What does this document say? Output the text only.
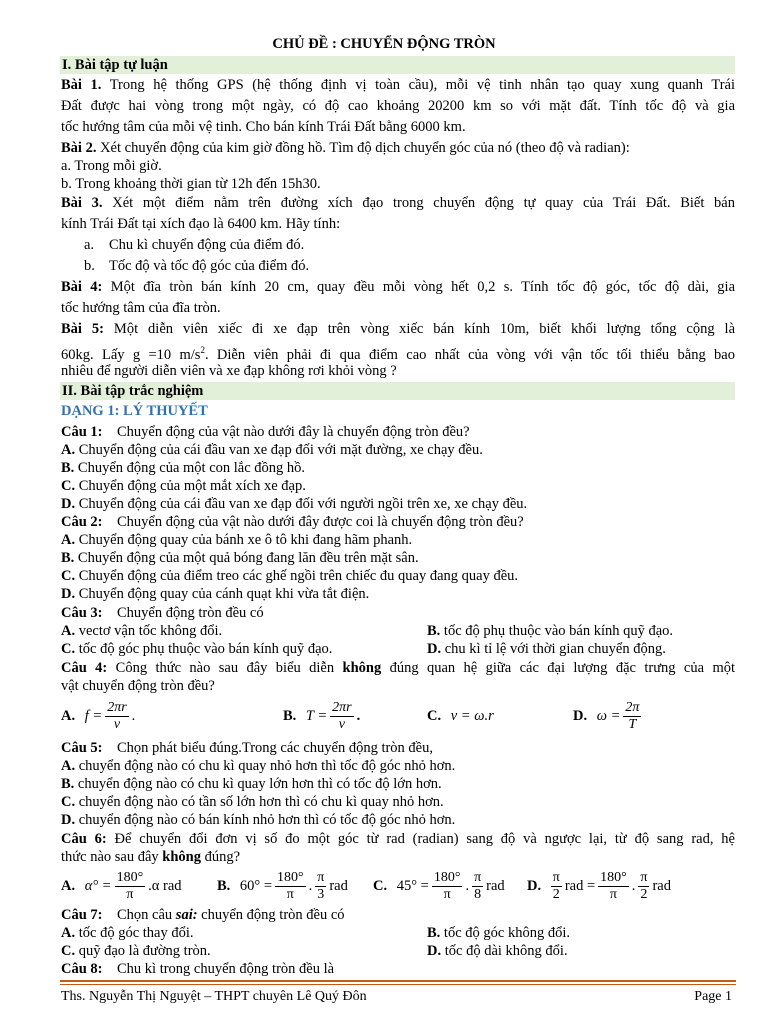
CHỦ ĐỀ : CHUYỂN ĐỘNG TRÒN
I. Bài tập tự luận
Bài 1. Trong hệ thống GPS (hệ thống định vị toàn cầu), mỗi vệ tinh nhân tạo quay xung quanh Trái
Đất được hai vòng trong một ngày, có độ cao khoảng 20200 km so với mặt đất. Tính tốc độ và gia
tốc hướng tâm của mỗi vệ tinh. Cho bán kính Trái Đất bằng 6000 km.
Bài 2. Xét chuyển động của kim giờ đồng hồ. Tìm độ dịch chuyển góc của nó (theo độ và radian):
a. Trong mỗi giờ.
b. Trong khoảng thời gian từ 12h đến 15h30.
Bài 3. Xét một điểm nằm trên đường xích đạo trong chuyển động tự quay của Trái Đất. Biết bán
kính Trái Đất tại xích đạo là 6400 km. Hãy tính:
a.	Chu kì chuyển động của điểm đó.
b. Tốc độ và tốc độ góc của điểm đó.
Bài 4: Một đĩa tròn bán kính 20 cm, quay đều mỗi vòng hết 0,2 s. Tính tốc độ góc, tốc độ dài, gia
tốc hướng tâm của đĩa tròn.
Bài 5: Một diễn viên xiếc đi xe đạp trên vòng xiếc bán kính 10m, biết khối lượng tổng cộng là
60kg. Lấy g =10 $m/s^2$. Diễn viên phải đi qua điểm cao nhất của vòng với vận tốc tối thiểu bằng bao
nhiêu để người diễn viên và xe đạp không rơi khỏi vòng ?
II. Bài tập trắc nghiệm
DẠNG 1: LÝ THUYẾT
Câu 1: Chuyển động của vật nào dưới đây là chuyển động tròn đều?
A. Chuyển động của cái đầu van xe đạp đối với mặt đường, xe chạy đều.
B. Chuyển động của một con lắc đồng hồ.
C. Chuyển động của một mắt xích xe đạp.
D. Chuyển động của cái đầu van xe đạp đối với người ngồi trên xe, xe chạy đều.
Câu 2: Chuyển động của vật nào dưới đây được coi là chuyển động tròn đều?
A. Chuyển động quay của bánh xe ô tô khi đang hãm phanh.
B. Chuyển động của một quả bóng đang lăn đều trên mặt sân.
C. Chuyển động của điểm treo các ghế ngồi trên chiếc đu quay đang quay đều.
D. Chuyển động quay của cánh quạt khi vừa tắt điện.
Câu 3: Chuyển động tròn đều có
A. vectơ vận tốc không đổi.	B. tốc độ phụ thuộc vào bán kính quỹ đạo.
C. tốc độ góc phụ thuộc vào bán kính quỹ đạo.	D. chu kì tỉ lệ với thời gian chuyển động.
Câu 4: Công thức nào sau đây biểu diễn không đúng quan hệ giữa các đại lượng đặc trưng của một
vật chuyển động tròn đều?
A.
$f = \frac{2\pi r}{v}$ .	B.
$T = \frac{2\pi r}{v}$ .	C.
v = ω.r	D.
$\omega = \frac{2\pi}{T}$
Câu 5: Chọn phát biểu đúng.Trong các chuyển động tròn đều,
A. chuyển động nào có chu kì quay nhỏ hơn thì tốc độ góc nhỏ hơn.
B. chuyển động nào có chu kì quay lớn hơn thì có tốc độ lớn hơn.
C. chuyển động nào có tần số lớn hơn thì có chu kì quay nhỏ hơn.
D. chuyển động nào có bán kính nhỏ hơn thì có tốc độ góc nhỏ hơn.
Câu 6: Để chuyển đổi đơn vị số đo một góc từ rad (radian) sang độ và ngược lại, từ độ sang rad, hệ
thức nào sau đây không đúng?
A.
$\alpha^\circ = \frac{180^\circ}{\pi} .\alpha$ rad B.
$60^\circ = \frac{180^\circ}{\pi}$ .
π
3
rad C.
$45^\circ = \frac{180^\circ}{\pi}$ .
π
8
rad D.

π
2
rad = $\frac{180^\circ}{\pi}$ .
π
2
rad
Câu 7: Chọn câu sai: chuyển động tròn đều có
A. tốc độ góc thay đổi.	B. tốc độ góc không đổi.
C. quỹ đạo là đường tròn.	D. tốc độ dài không đổi.
Câu 8: Chu kì trong chuyển động tròn đều là
Ths. Nguyễn Thị Nguyệt – THPT chuyên Lê Quý Đôn	Page 1
